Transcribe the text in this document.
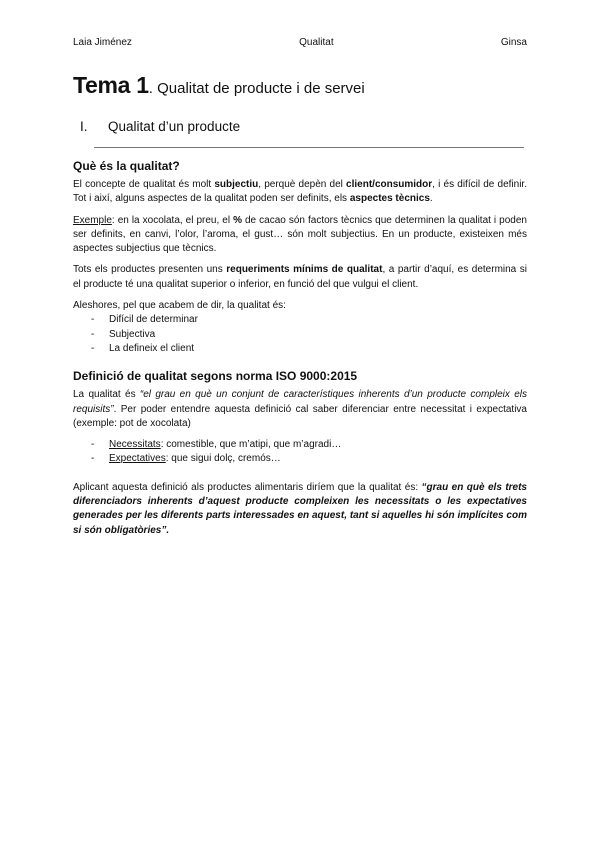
Laia Jiménez	Qualitat	Ginsa
Tema 1. Qualitat de producte i de servei
I. Qualitat d’un producte
Què és la qualitat?

El concepte de qualitat és molt subjectiu, perquè depèn del client/consumidor, i és difícil de definir. Tot i així, alguns aspectes de la qualitat poden ser definits, els aspectes tècnics.

Exemple: en la xocolata, el preu, el % de cacao són factors tècnics que determinen la qualitat i poden ser definits, en canvi, l’olor, l’aroma, el gust… són molt subjectius. En un producte, existeixen més aspectes subjectius que tècnics.

Tots els productes presenten uns requeriments mínims de qualitat, a partir d’aquí, es determina si el producte té una qualitat superior o inferior, en funció del que vulgui el client.

Aleshores, pel que acabem de dir, la qualitat és:

- Difícil de determinar
- Subjectiva
- La defineix el client
Definició de qualitat segons norma ISO 9000:2015

La qualitat és “el grau en què un conjunt de característiques inherents d’un producte compleix els requisits”. Per poder entendre aquesta definició cal saber diferenciar entre necessitat i expectativa (exemple: pot de xocolata)

- Necessitats: comestible, que m’atipi, que m’agradi…
- Expectatives: que sigui dolç, cremós…

Aplicant aquesta definició als productes alimentaris diríem que la qualitat és: “grau en què els trets diferenciadors inherents d’aquest producte compleixen les necessitats o les expectatives generades per les diferents parts interessades en aquest, tant si aquelles hi són implícites com si són obligatòries”.
